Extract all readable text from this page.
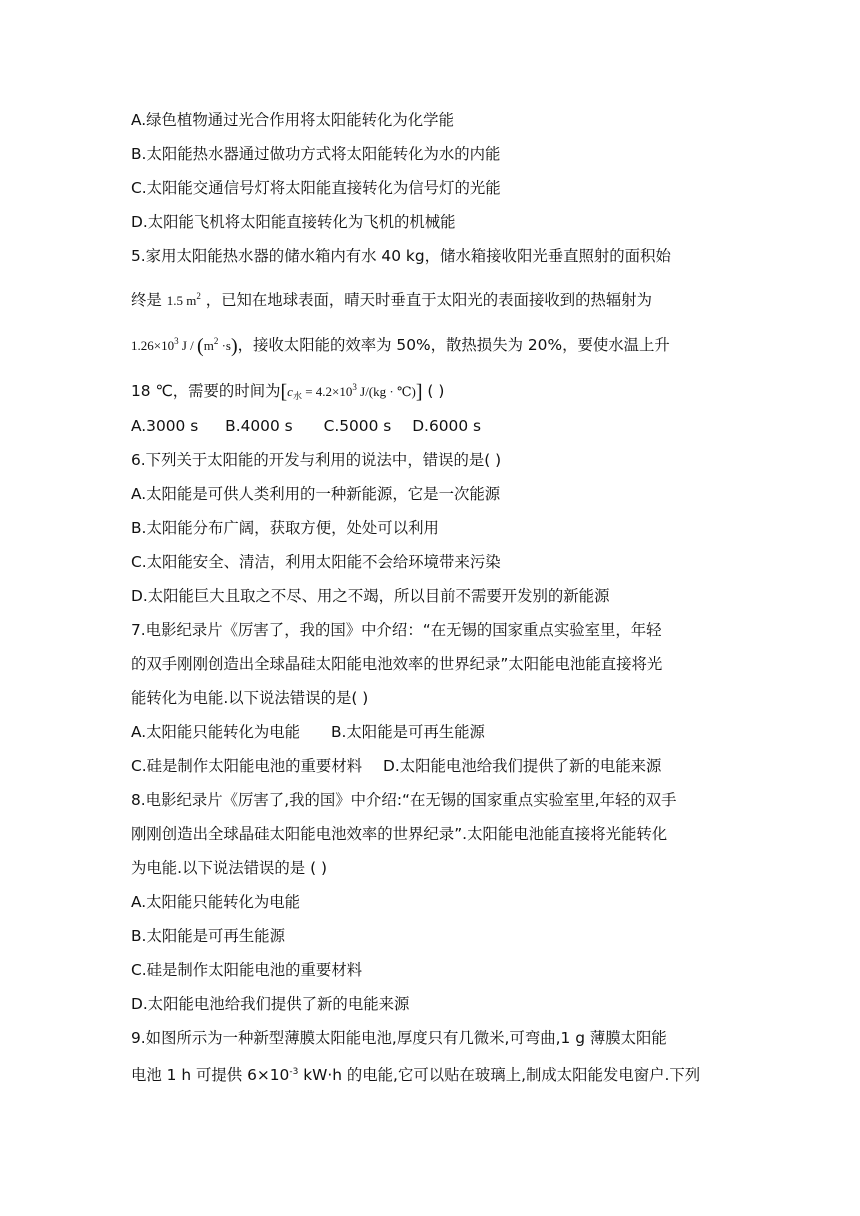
A.绿色植物通过光合作用将太阳能转化为化学能
B.太阳能热水器通过做功方式将太阳能转化为水的内能
C.太阳能交通信号灯将太阳能直接转化为信号灯的光能
D.太阳能飞机将太阳能直接转化为飞机的机械能
5.家用太阳能热水器的储水箱内有水 40 kg，储水箱接收阳光垂直照射的面积始
终是 1.5 $m^2$ ，已知在地球表面，晴天时垂直于太阳光的表面接收到的热辐射为
$1.26\times 10^3$ $J / (m^2 \cdot s)$，接收太阳能的效率为 50%，散热损失为 20%，要使水温上升
18 ℃，需要的时间为[$c_水 = 4.2\times 10^3$ J/(kg · ℃)] ( )
A.3000 s B.4000 s C.5000 s D.6000 s
6.下列关于太阳能的开发与利用的说法中，错误的是( )
A.太阳能是可供人类利用的一种新能源，它是一次能源
B.太阳能分布广阔，获取方便，处处可以利用
C.太阳能安全、清洁，利用太阳能不会给环境带来污染
D.太阳能巨大且取之不尽、用之不竭，所以目前不需要开发别的新能源
7.电影纪录片《厉害了，我的国》中介绍：“在无锡的国家重点实验室里，年轻
的双手刚刚创造出全球晶硅太阳能电池效率的世界纪录”太阳能电池能直接将光
能转化为电能.以下说法错误的是( )
A.太阳能只能转化为电能 B.太阳能是可再生能源
C.硅是制作太阳能电池的重要材料 D.太阳能电池给我们提供了新的电能来源
8.电影纪录片《厉害了,我的国》中介绍:“在无锡的国家重点实验室里,年轻的双手
刚刚创造出全球晶硅太阳能电池效率的世界纪录”.太阳能电池能直接将光能转化
为电能.以下说法错误的是 ( )
A.太阳能只能转化为电能
B.太阳能是可再生能源
C.硅是制作太阳能电池的重要材料
D.太阳能电池给我们提供了新的电能来源
9.如图所示为一种新型薄膜太阳能电池,厚度只有几微米,可弯曲,1 g 薄膜太阳能
电池 1 h 可提供 $6\times 10^{-3}$ kW·h 的电能,它可以贴在玻璃上,制成太阳能发电窗户.下列
